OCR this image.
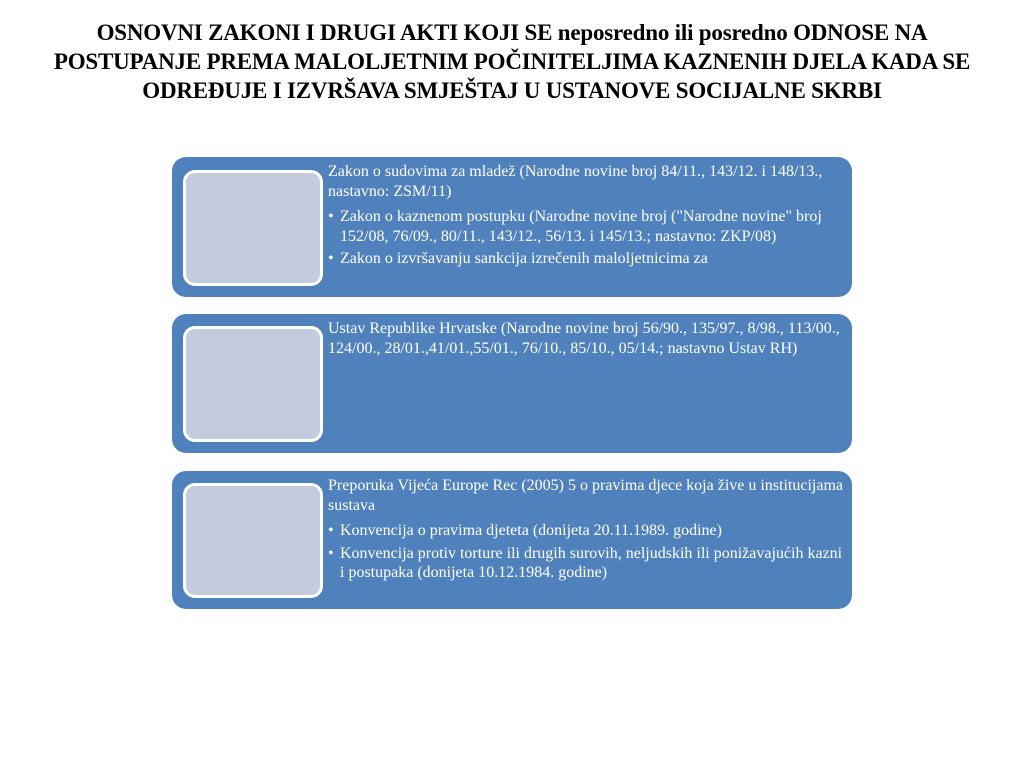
OSNOVNI ZAKONI I DRUGI AKTI KOJI SE neposredno ili posredno ODNOSE NA POSTUPANJE PREMA MALOLJETNIM POČINITELJIMA KAZNENIH DJELA KADA SE ODREĐUJE I IZVRŠAVA SMJEŠTAJ U USTANOVE SOCIJALNE SKRBI

Zakon o sudovima za mladež (Narodne novine broj 84/11., 143/12. i 148/13., nastavno: ZSM/11)

• Zakon o kaznenom postupku (Narodne novine broj ("Narodne novine" broj 152/08, 76/09., 80/11., 143/12., 56/13. i 145/13.; nastavno: ZKP/08)
• Zakon o izvršavanju sankcija izrečenih maloljetnicima za

Ustav Republike Hrvatske (Narodne novine broj 56/90., 135/97., 8/98., 113/00., 124/00., 28/01.,41/01.,55/01., 76/10., 85/10., 05/14.; nastavno Ustav RH)

Preporuka Vijeća Europe Rec (2005) 5 o pravima djece koja žive u institucijama sustava

• Konvencija o pravima djeteta (donijeta 20.11.1989. godine)
• Konvencija protiv torture ili drugih surovih, neljudskih ili ponižavajućih kazni i postupaka (donijeta 10.12.1984. godine)
